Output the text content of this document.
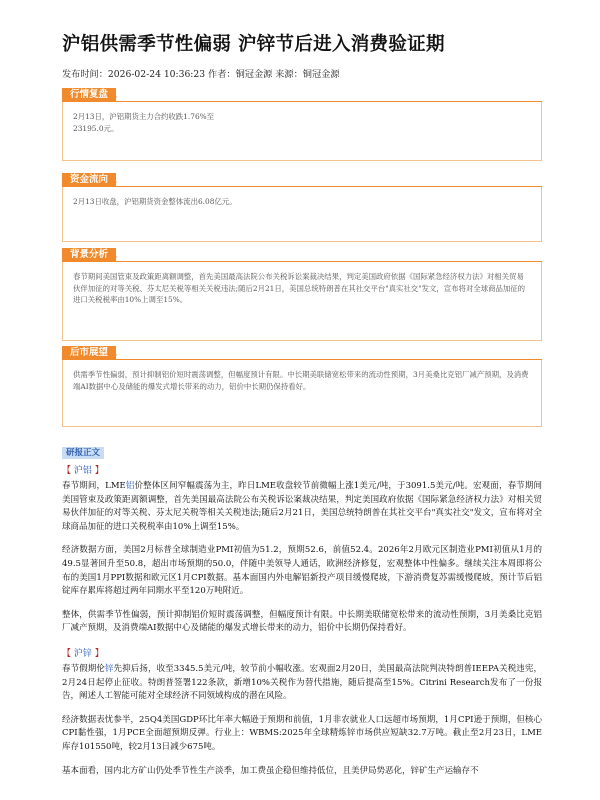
沪铝供需季节性偏弱 沪锌节后进入消费验证期
发布时间：2026-02-24 10:36:23 作者：铜冠金源 来源：铜冠金源
行情复盘

2月13日，沪铝期货主力合约收跌1.76%至23195.0元。

资金流向

2月13日收盘，沪铝期货资金整体流出6.08亿元。

背景分析

春节期间美国管束及政策距离额调整，首先美国最高法院公布关税诉讼案裁决结果，判定美国政府依据《国际紧急经济权力法》对相关贸易伙伴加征的对等关税、芬太尼关税等相关关税违法;随后2月21日，美国总统特朗普在其社交平台"真实社交"发文，宣布将对全球商品加征的进口关税税率由10%上调至15%。

后市展望

供需季节性偏弱，预计抑制铝价短时震荡调整，但幅度预计有限。中长期美联储宽松带来的流动性预期，3月美桑比克铝厂减产预期，及消费端AI数据中心及储能的爆发式增长带来的动力，铝价中长期仍保持看好。

研报正文
【 沪铝 】

春节期间，LME铝价整体区间窄幅震荡为主，昨日LME收盘较节前微幅上涨1美元/吨，于3091.5美元/吨。宏观面，春节期间美国管束及政策距离额调整，首先美国最高法院公布关税诉讼案裁决结果，判定美国政府依据《国际紧急经济权力法》对相关贸易伙伴加征的对等关税、芬太尼关税等相关关税违法;随后2月21日，美国总统特朗普在其社交平台"真实社交"发文，宣布将对全球商品加征的进口关税税率由10%上调至15%。

经济数据方面，美国2月标普全球制造业PMI初值为51.2，预期52.6，前值52.4。2026年2月欧元区制造业PMI初值从1月的49.5显著回升至50.8，超出市场预期的50.0，伴随中美领导人通话，欧洲经济修复，宏观整体中性偏多。继续关注本周即将公布的美国1月PPI数据和欧元区1月CPI数据。基本面国内外电解铝新投产项目缓慢爬坡，下游消费复苏需缓慢爬坡，预计节后铝锭库存累库将超过两年同期水平至120万吨附近。

整体，供需季节性偏弱，预计抑制铝价短时震荡调整，但幅度预计有限。中长期美联储宽松带来的流动性预期，3月美桑比克铝厂减产预期，及消费端AI数据中心及储能的爆发式增长带来的动力，铝价中长期仍保持看好。

【 沪锌 】

春节假期伦锌先抑后扬，收至3345.5美元/吨，较节前小幅收涨。宏观面2月20日，美国最高法院判决特朗普IEEPA关税违宪，2月24日起停止征收。特朗普签署122条款，新增10%关税作为替代措施，随后提高至15%。Citrini Research发布了一份报告，阐述人工智能可能对全球经济不同领域构成的潜在风险。

经济数据表忧参半，25Q4美国GDP环比年率大幅逊于预期和前值，1月非农就业人口远超市场预期，1月CPI逊于预期，但核心CPI黏性强，1月PCE全面超预期反弹。行业上：WBMS:2025年全球精炼锌市场供应短缺32.7万吨。截止至2月23日，LME库存101550吨，较2月13日减少675吨。

基本面看，国内北方矿山仍处季节性生产淡季，加工费虽企稳但维持低位，且美伊局势恶化，锌矿生产运输存不
